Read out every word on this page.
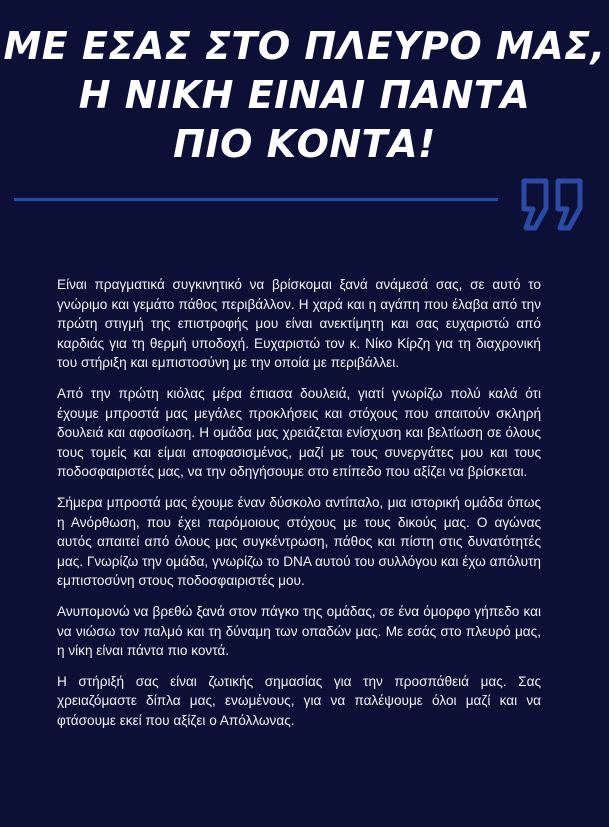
ΜΕ ΕΣΑΣ ΣΤΟ ΠΛΕΥΡΟ ΜΑΣ,
Η ΝΙΚΗ ΕΙΝΑΙ ΠΑΝΤΑ
ΠΙΟ ΚΟΝΤΑ!

Είναι πραγματικά συγκινητικό να βρίσκομαι ξανά ανάμεσά σας, σε αυτό το γνώριμο και γεμάτο πάθος περιβάλλον. Η χαρά και η αγάπη που έλαβα από την πρώτη στιγμή της επιστροφής μου είναι ανεκτίμητη και σας ευχαριστώ από καρδιάς για τη θερμή υποδοχή. Ευχαριστώ τον κ. Νίκο Κίρζη για τη διαχρονική του στήριξη και εμπιστοσύνη με την οποία με περιβάλλει.

Από την πρώτη κιόλας μέρα έπιασα δουλειά, γιατί γνωρίζω πολύ καλά ότι έχουμε μπροστά μας μεγάλες προκλήσεις και στόχους που απαιτούν σκληρή δουλειά και αφοσίωση. Η ομάδα μας χρειάζεται ενίσχυση και βελτίωση σε όλους τους τομείς και είμαι αποφασισμένος, μαζί με τους συνεργάτες μου και τους ποδοσφαιριστές μας, να την οδηγήσουμε στο επίπεδο που αξίζει να βρίσκεται.

Σήμερα μπροστά μας έχουμε έναν δύσκολο αντίπαλο, μια ιστορική ομάδα όπως η Ανόρθωση, που έχει παρόμοιους στόχους με τους δικούς μας. Ο αγώνας αυτός απαιτεί από όλους μας συγκέντρωση, πάθος και πίστη στις δυνατότητές μας. Γνωρίζω την ομάδα, γνωρίζω το DNA αυτού του συλλόγου και έχω απόλυτη εμπιστοσύνη στους ποδοσφαιριστές μου.

Ανυπομονώ να βρεθώ ξανά στον πάγκο της ομάδας, σε ένα όμορφο γήπεδο και να νιώσω τον παλμό και τη δύναμη των οπαδών μας. Με εσάς στο πλευρό μας, η νίκη είναι πάντα πιο κοντά.

Η στήριξή σας είναι ζωτικής σημασίας για την προσπάθειά μας. Σας χρειαζόμαστε δίπλα μας, ενωμένους, για να παλέψουμε όλοι μαζί και να φτάσουμε εκεί που αξίζει ο Απόλλωνας.
